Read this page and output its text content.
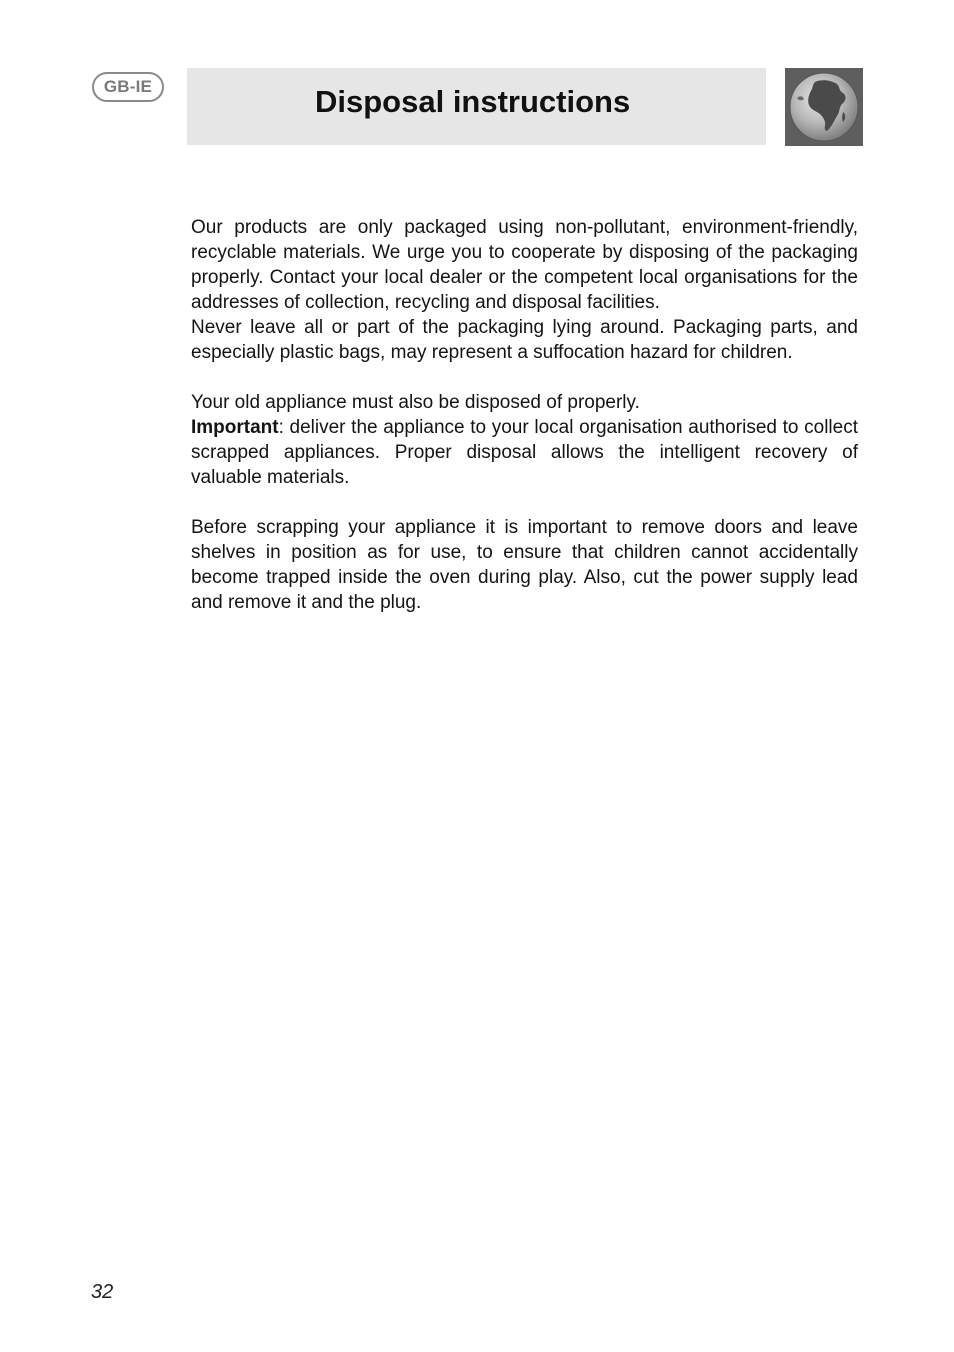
GB-IE	Disposal instructions

Our products are only packaged using non-pollutant, environment-friendly, recyclable materials. We urge you to cooperate by disposing of the packaging properly. Contact your local dealer or the competent local organisations for the addresses of collection, recycling and disposal facilities.

Never leave all or part of the packaging lying around. Packaging parts, and especially plastic bags, may represent a suffocation hazard for children.

Your old appliance must also be disposed of properly.

Important: deliver the appliance to your local organisation authorised to collect scrapped appliances. Proper disposal allows the intelligent recovery of valuable materials.

Before scrapping your appliance it is important to remove doors and leave shelves in position as for use, to ensure that children cannot accidentally become trapped inside the oven during play. Also, cut the power supply lead and remove it and the plug.

32
